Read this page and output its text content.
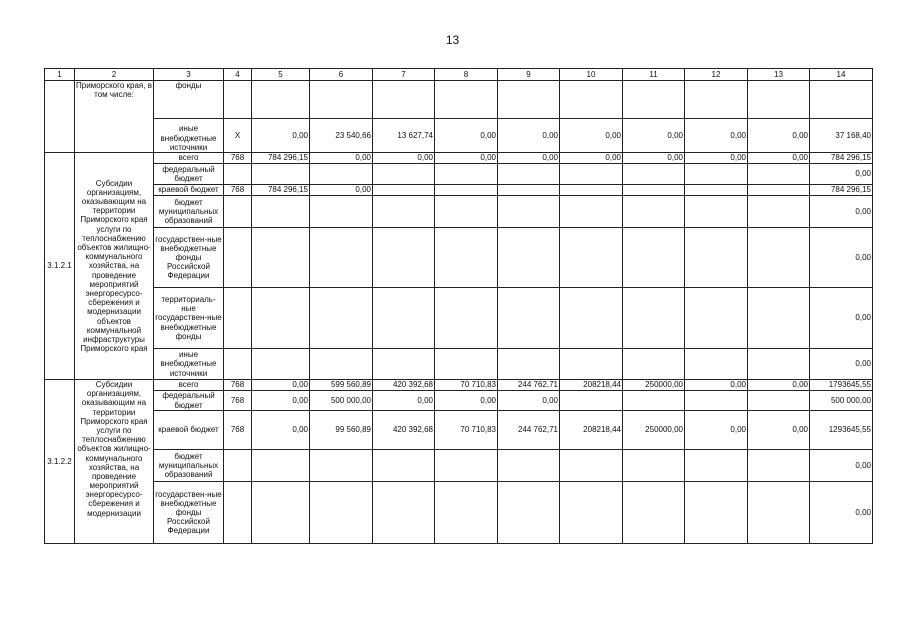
13
1	2	3	4	5	6	7	8	9	10	11	12	13	14
	Приморского края, в том числе:	фонды											
		иные внебюджетные источники	X	0,00	23 540,66	13 627,74	0,00	0,00	0,00	0,00	0,00	0,00	37 168,40
3.1.2.1	Субсидии организациям, оказывающим на территории Приморского края услуги по теплоснабжению объектов жилищно-коммунального хозяйства, на проведение мероприятий энергоресурсо-сбережения и модернизации объектов коммунальной инфраструктуры Приморского края	всего	768	784 296,15	0,00	0,00	0,00	0,00	0,00	0,00	0,00	0,00	784 296,15
		федеральный бюджет											0,00
		краевой бюджет	768	784 296,15	0,00								784 296,15
		бюджет муниципальных образований											0,00
		государствен-ные внебюджетные фонды Российской Федерации											0,00
		территориаль-ные государствен-ные внебюджетные фонды											0,00
		иные внебюджетные источники											0,00
3.1.2.2	Субсидии организациям, оказывающим на территории Приморского края услуги по теплоснабжению объектов жилищно-коммунального хозяйства, на проведение мероприятий энергоресурсо-сбережения и модернизации	всего	768	0,00	599 560,89	420 392,68	70 710,83	244 762,71	208218,44	250000,00	0,00	0,00	1793645,55
		федеральный бюджет	768	0,00	500 000,00	0,00	0,00	0,00					500 000,00
		краевой бюджет	768	0,00	99 560,89	420 392,68	70 710,83	244 762,71	208218,44	250000,00	0,00	0,00	1293645,55
		бюджет муниципальных образований											0,00
		государствен-ные внебюджетные фонды Российской Федерации											0,00
